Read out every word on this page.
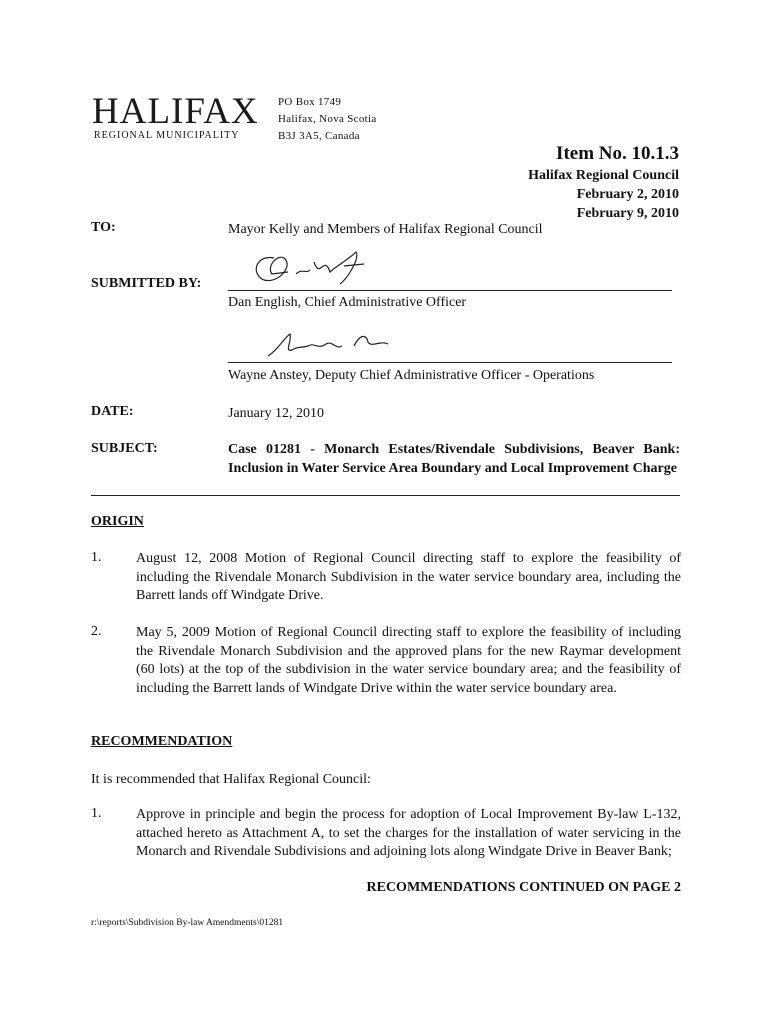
HALIFAX
REGIONAL MUNICIPALITY
PO Box 1749
Halifax, Nova Scotia
B3J 3A5, Canada
Item No. 10.1.3
Halifax Regional Council
February 2, 2010
February 9, 2010
TO:	Mayor Kelly and Members of Halifax Regional Council
SUBMITTED BY:
Dan English, Chief Administrative Officer
Wayne Anstey, Deputy Chief Administrative Officer - Operations
DATE:	January 12, 2010
SUBJECT:	Case 01281 - Monarch Estates/Rivendale Subdivisions, Beaver Bank: Inclusion in Water Service Area Boundary and Local Improvement Charge
ORIGIN
1. August 12, 2008 Motion of Regional Council directing staff to explore the feasibility of including the Rivendale Monarch Subdivision in the water service boundary area, including the Barrett lands off Windgate Drive.
2. May 5, 2009 Motion of Regional Council directing staff to explore the feasibility of including the Rivendale Monarch Subdivision and the approved plans for the new Raymar development (60 lots) at the top of the subdivision in the water service boundary area; and the feasibility of including the Barrett lands of Windgate Drive within the water service boundary area.
RECOMMENDATION
It is recommended that Halifax Regional Council:
1. Approve in principle and begin the process for adoption of Local Improvement By-law L-132, attached hereto as Attachment A, to set the charges for the installation of water servicing in the Monarch and Rivendale Subdivisions and adjoining lots along Windgate Drive in Beaver Bank;
RECOMMENDATIONS CONTINUED ON PAGE 2
r:\reports\Subdivision By-law Amendments\01281
